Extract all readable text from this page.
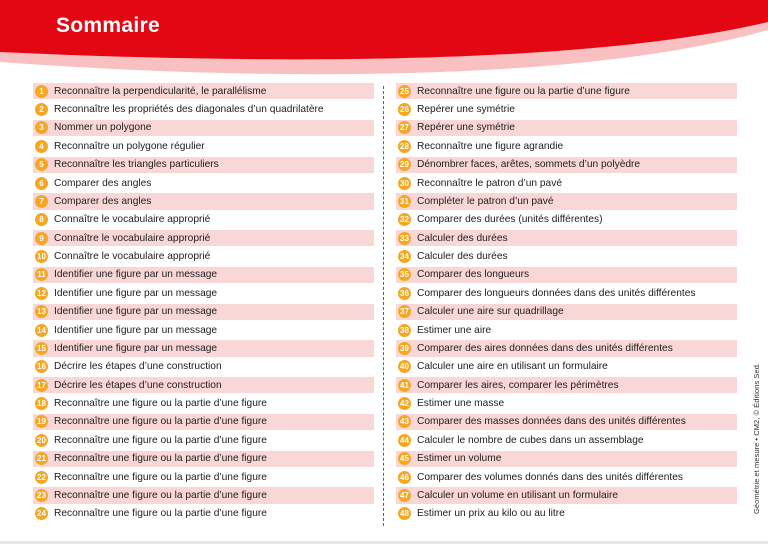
Sommaire
1	Reconnaître la perpendicularité, le parallélisme
2	Reconnaître les propriétés des diagonales d’un quadrilatère
3	Nommer un polygone
4	Reconnaître un polygone régulier
5	Reconnaître les triangles particuliers
6	Comparer des angles
7	Comparer des angles
8	Connaître le vocabulaire approprié
9	Connaître le vocabulaire approprié
10 Connaître le vocabulaire approprié
11 Identifier une figure par un message
12 Identifier une figure par un message
13 Identifier une figure par un message
14 Identifier une figure par un message
15 Identifier une figure par un message
16 Décrire les étapes d’une construction
17 Décrire les étapes d’une construction
18 Reconnaître une figure ou la partie d’une figure
19 Reconnaître une figure ou la partie d’une figure
20 Reconnaître une figure ou la partie d’une figure
21 Reconnaître une figure ou la partie d’une figure
22 Reconnaître une figure ou la partie d’une figure
23 Reconnaître une figure ou la partie d’une figure
24 Reconnaître une figure ou la partie d’une figure
25 Reconnaître une figure ou la partie d’une figure
26 Repérer une symétrie
27 Repérer une symétrie
28 Reconnaître une figure agrandie
29 Dénombrer faces, arêtes, sommets d’un polyèdre
30 Reconnaître le patron d’un pavé
31 Compléter le patron d’un pavé
32 Comparer des durées (unités différentes)
33 Calculer des durées
34 Calculer des durées
35 Comparer des longueurs
36 Comparer des longueurs données dans des unités différentes
37 Calculer une aire sur quadrillage
38 Estimer une aire
39 Comparer des aires données dans des unités différentes
40 Calculer une aire en utilisant un formulaire
41 Comparer les aires, comparer les périmètres
42 Estimer une masse
43 Comparer des masses données dans des unités différentes
44 Calculer le nombre de cubes dans un assemblage
45 Estimer un volume
46 Comparer des volumes donnés dans des unités différentes
47 Calculer un volume en utilisant un formulaire
48 Estimer un prix au kilo ou au litre	Géométrie et mesure • CM2, © Éditions Sed.
